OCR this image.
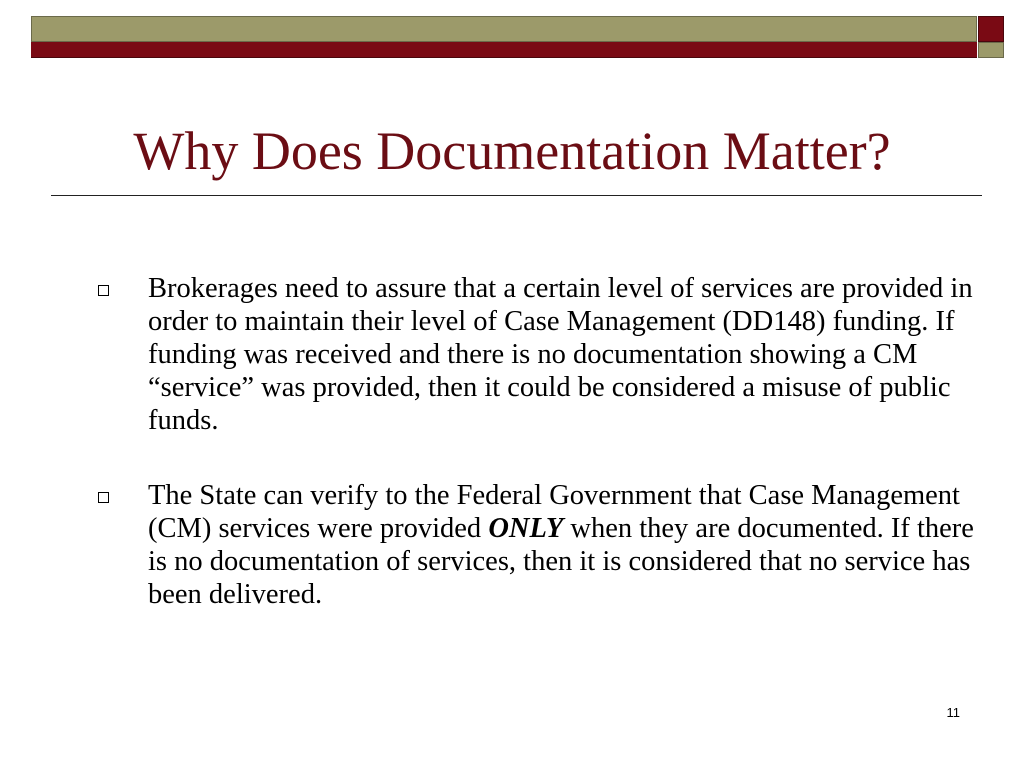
Why Does Documentation Matter?
Brokerages need to assure that a certain level of services are provided in order to maintain their level of Case Management (DD148) funding. If funding was received and there is no documentation showing a CM “service” was provided, then it could be considered a misuse of public funds.
The State can verify to the Federal Government that Case Management (CM) services were provided ONLY when they are documented. If there is no documentation of services, then it is considered that no service has been delivered.
11
